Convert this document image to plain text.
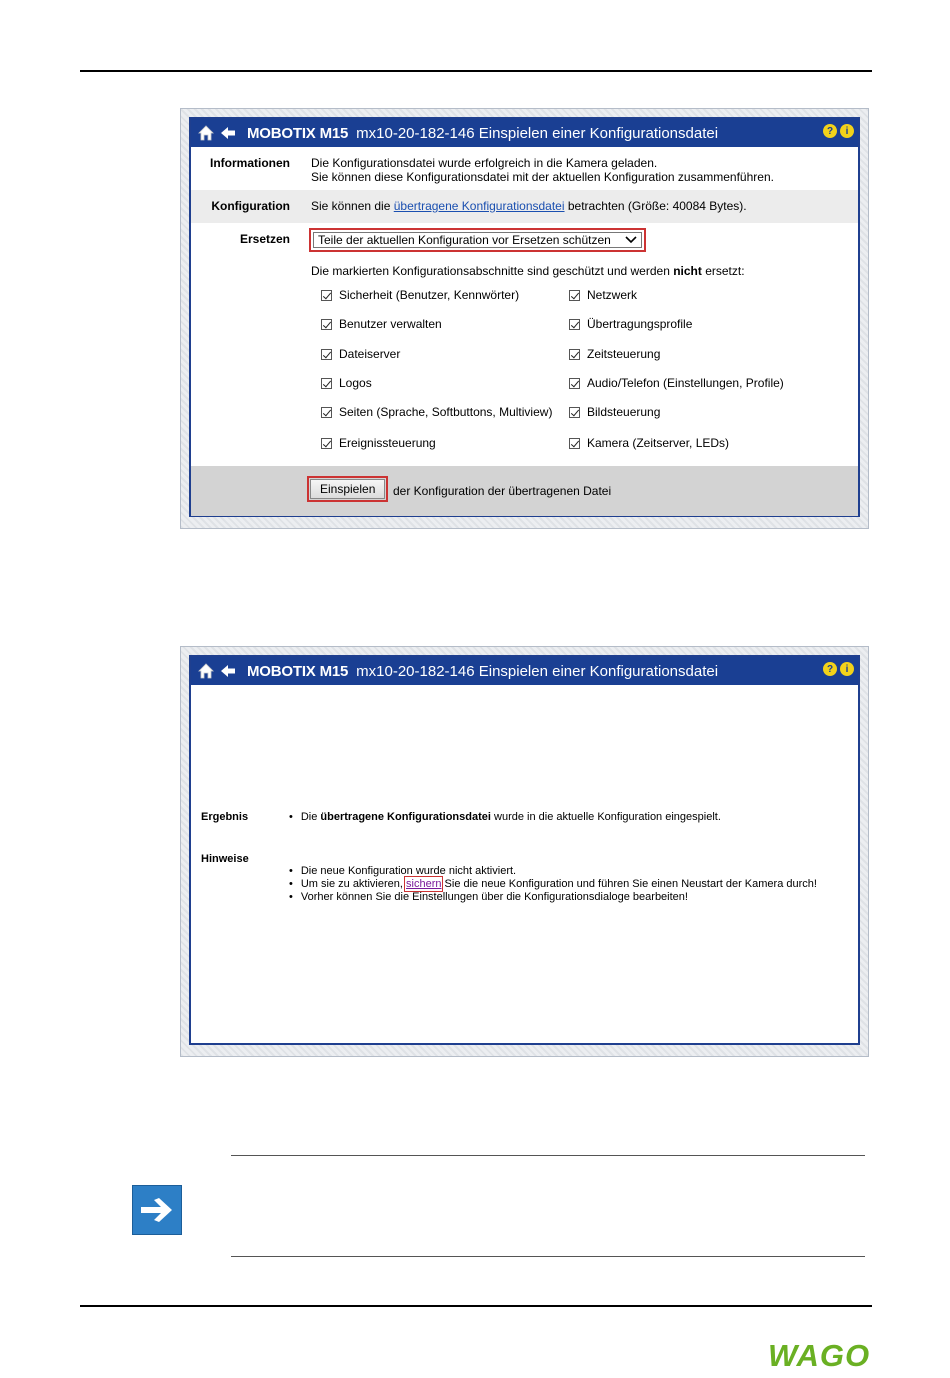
MOBOTIX M15 mx10-20-182-146 Einspielen einer Konfigurationsdatei	?	i
Informationen Die Konfigurationsdatei wurde erfolgreich in die Kamera geladen.
Sie können diese Konfigurationsdatei mit der aktuellen Konfiguration zusammenführen.
Konfiguration Sie können die übertragene Konfigurationsdatei betrachten (Größe: 40084 Bytes).
Ersetzen Teile der aktuellen Konfiguration vor Ersetzen schützen
Die markierten Konfigurationsabschnitte sind geschützt und werden nicht ersetzt:
Sicherheit (Benutzer, Kennwörter)
Benutzer verwalten
Dateiserver
Logos
Seiten (Sprache, Softbuttons, Multiview)
Ereignissteuerung
Netzwerk
Übertragungsprofile
Zeitsteuerung
Audio/Telefon (Einstellungen, Profile)
Bildsteuerung
Kamera (Zeitserver, LEDs)
Einspielen	der Konfiguration der übertragenen Datei
MOBOTIX M15 mx10-20-182-146 Einspielen einer Konfigurationsdatei	?	i
Ergebnis
•	Die übertragene Konfigurationsdatei wurde in die aktuelle Konfiguration eingespielt.
Hinweise
• Die neue Konfiguration wurde nicht aktiviert.
• Um sie zu aktivieren, sichern Sie die neue Konfiguration und führen Sie einen Neustart der Kamera durch!
• Vorher können Sie die Einstellungen über die Konfigurationsdialoge bearbeiten!
WAGO
